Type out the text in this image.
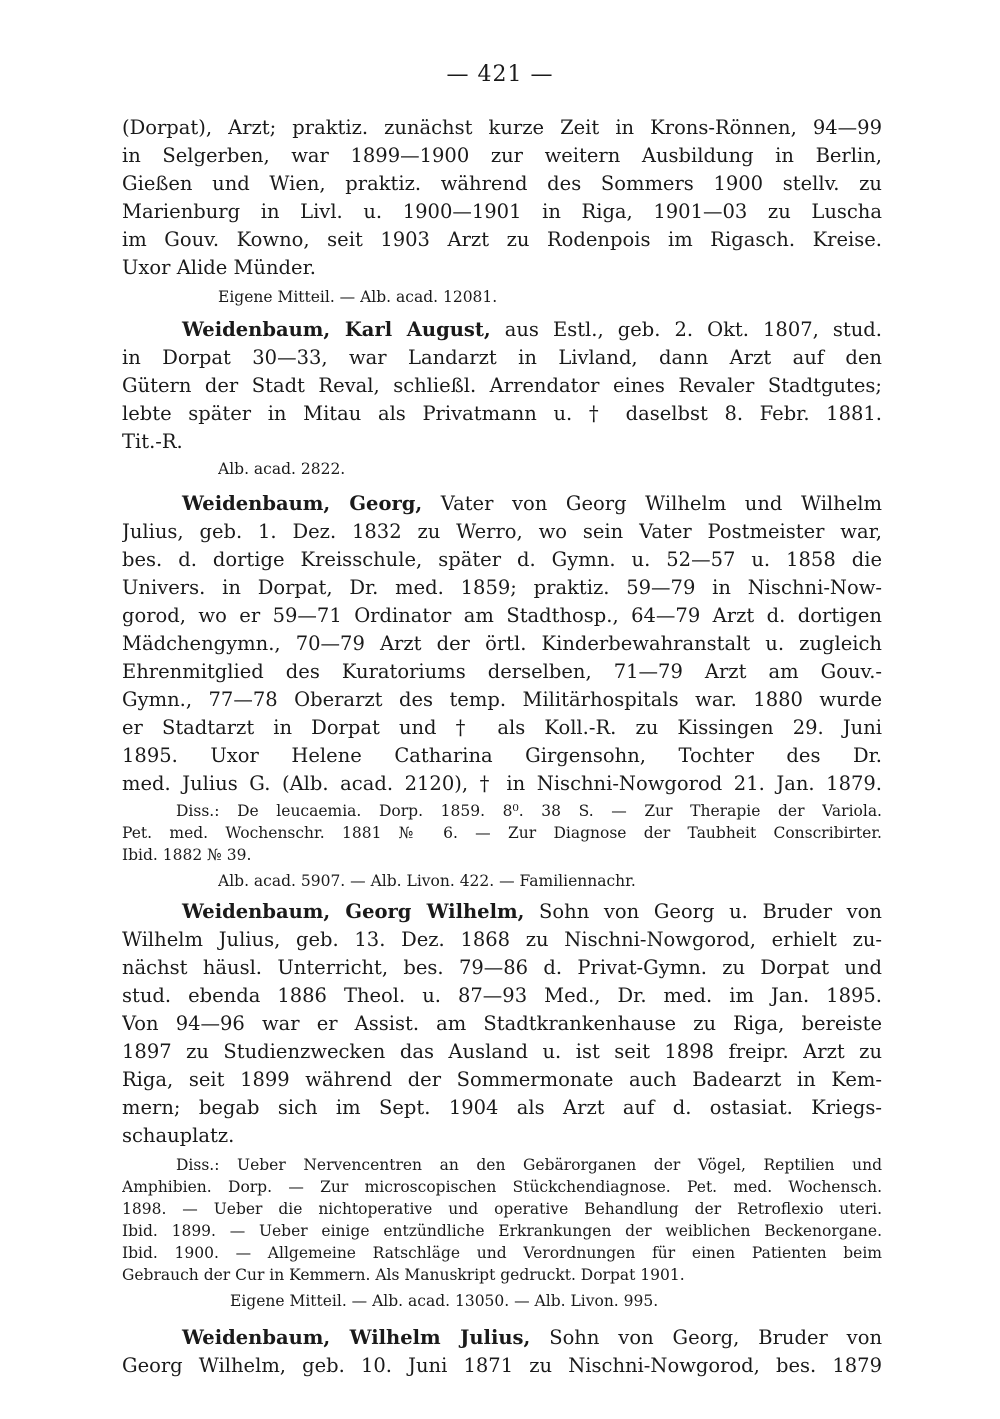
— 421 —
(Dorpat), Arzt; praktiz. zunächst kurze Zeit in Krons-Rönnen, 94—99
in Selgerben, war 1899—1900 zur weitern Ausbildung in Berlin,
Gießen und Wien, praktiz. während des Sommers 1900 stellv. zu
Marienburg in Livl. u. 1900—1901 in Riga, 1901—03 zu Luscha
im Gouv. Kowno, seit 1903 Arzt zu Rodenpois im Rigasch. Kreise.
Uxor Alide Münder.
Eigene Mitteil. — Alb. acad. 12081.
Weidenbaum, Karl August, aus Estl., geb. 2. Okt. 1807, stud.
in Dorpat 30—33, war Landarzt in Livland, dann Arzt auf den
Gütern der Stadt Reval, schließl. Arrendator eines Revaler Stadtgutes;
lebte später in Mitau als Privatmann u. † daselbst 8. Febr. 1881.
Tit.-R.
Alb. acad. 2822.
Weidenbaum, Georg, Vater von Georg Wilhelm und Wilhelm
Julius, geb. 1. Dez. 1832 zu Werro, wo sein Vater Postmeister war,
bes. d. dortige Kreisschule, später d. Gymn. u. 52—57 u. 1858 die
Univers. in Dorpat, Dr. med. 1859; praktiz. 59—79 in Nischni-Now-
gorod, wo er 59—71 Ordinator am Stadthosp., 64—79 Arzt d. dortigen
Mädchengymn., 70—79 Arzt der örtl. Kinderbewahranstalt u. zugleich
Ehrenmitglied des Kuratoriums derselben, 71—79 Arzt am Gouv.-
Gymn., 77—78 Oberarzt des temp. Militärhospitals war. 1880 wurde
er Stadtarzt in Dorpat und † als Koll.-R. zu Kissingen 29. Juni
1895. Uxor Helene Catharina Girgensohn, Tochter des Dr.
med. Julius G. (Alb. acad. 2120), † in Nischni-Nowgorod 21. Jan. 1879.
Diss.: De leucaemia. Dorp. 1859. 8⁰. 38 S. — Zur Therapie der Variola.
Pet. med. Wochenschr. 1881 № 6. — Zur Diagnose der Taubheit Conscribirter.
Ibid. 1882 № 39.
Alb. acad. 5907. — Alb. Livon. 422. — Familiennachr.
Weidenbaum, Georg Wilhelm, Sohn von Georg u. Bruder von
Wilhelm Julius, geb. 13. Dez. 1868 zu Nischni-Nowgorod, erhielt zu-
nächst häusl. Unterricht, bes. 79—86 d. Privat-Gymn. zu Dorpat und
stud. ebenda 1886 Theol. u. 87—93 Med., Dr. med. im Jan. 1895.
Von 94—96 war er Assist. am Stadtkrankenhause zu Riga, bereiste
1897 zu Studienzwecken das Ausland u. ist seit 1898 freipr. Arzt zu
Riga, seit 1899 während der Sommermonate auch Badearzt in Kem-
mern; begab sich im Sept. 1904 als Arzt auf d. ostasiat. Kriegs-
schauplatz.
Diss.: Ueber Nervencentren an den Gebärorganen der Vögel, Reptilien und
Amphibien. Dorp. — Zur microscopischen Stückchendiagnose. Pet. med. Wochensch.
1898. — Ueber die nichtoperative und operative Behandlung der Retroflexio uteri.
Ibid. 1899. — Ueber einige entzündliche Erkrankungen der weiblichen Beckenorgane.
Ibid. 1900. — Allgemeine Ratschläge und Verordnungen für einen Patienten beim
Gebrauch der Cur in Kemmern. Als Manuskript gedruckt. Dorpat 1901.
Eigene Mitteil. — Alb. acad. 13050. — Alb. Livon. 995.
Weidenbaum, Wilhelm Julius, Sohn von Georg, Bruder von
Georg Wilhelm, geb. 10. Juni 1871 zu Nischni-Nowgorod, bes. 1879
